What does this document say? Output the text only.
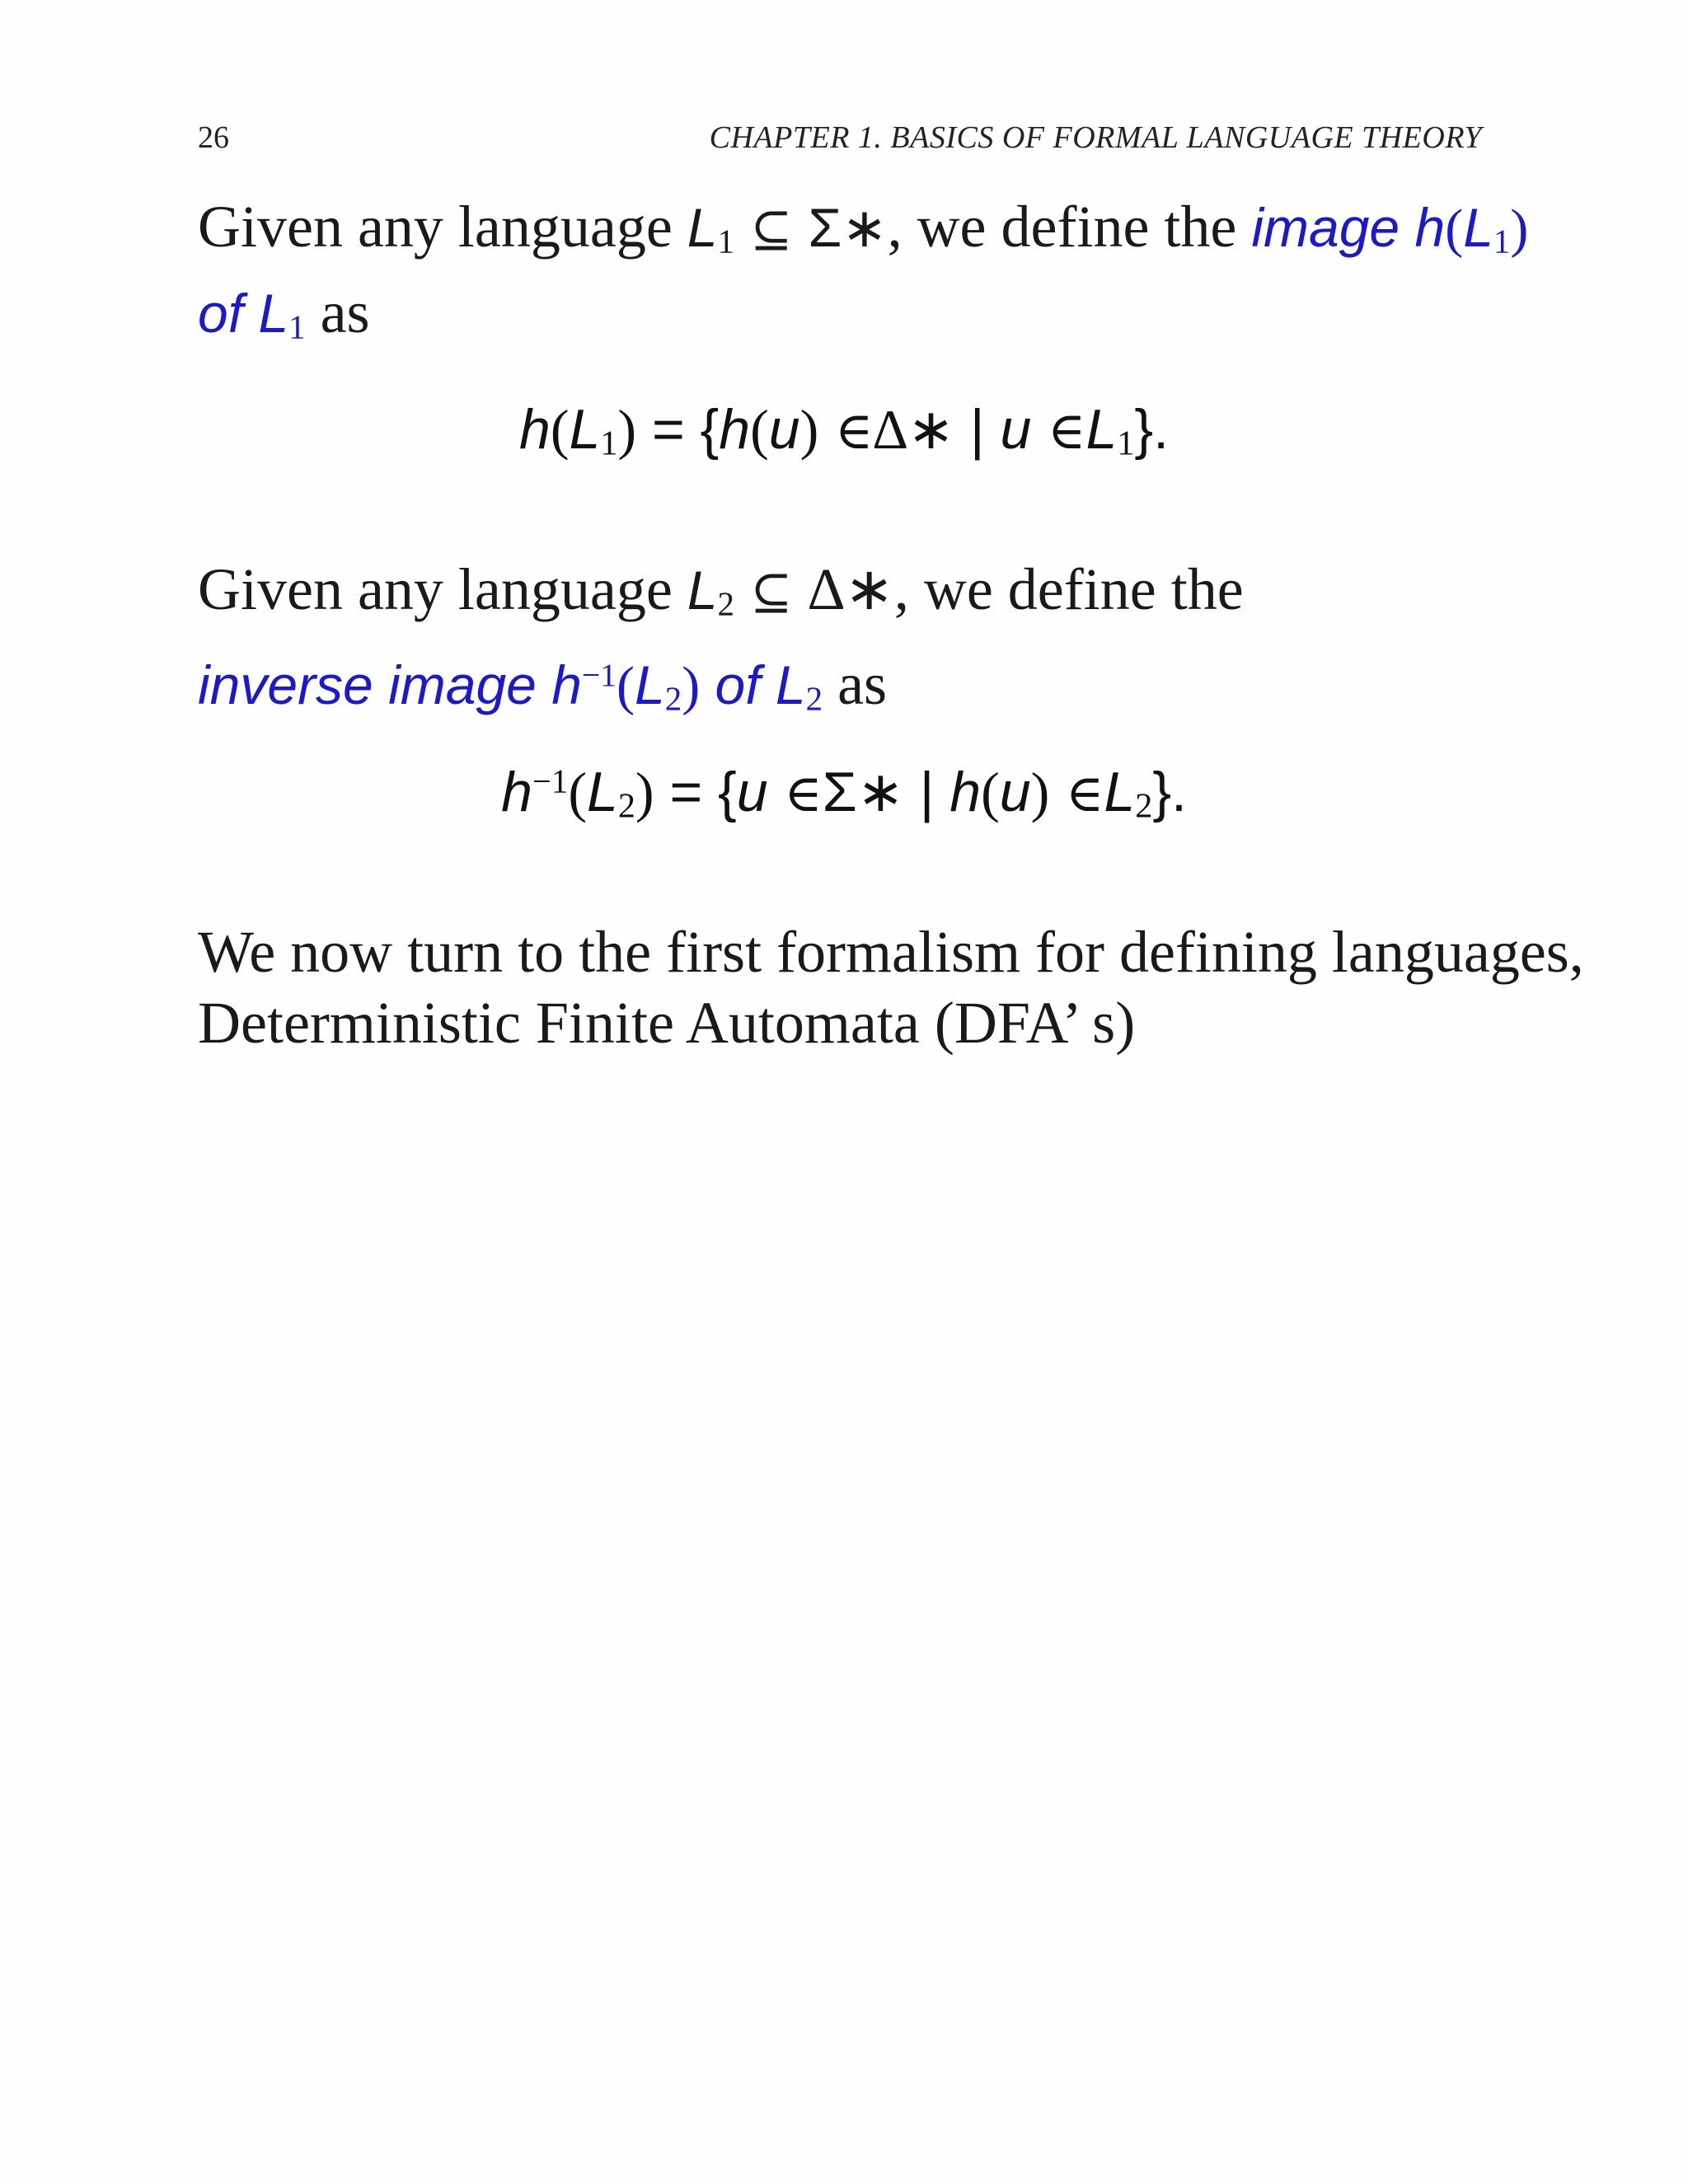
26	CHAPTER 1. BASICS OF FORMAL LANGUAGE THEORY
Given any language L1 ⊆ Σ∗, we define the image h(L1)
of L1 as
h(L1) = {h(u) ∈∆∗ | u ∈L1}.
Given any language L2 ⊆ ∆∗, we define the
inverse image $h^{-1}(L2)$ of L2 as
$h^{-1}(L2) = \{u$ ∈Σ∗ | h(u) ∈L2}.
We now turn to the first formalism for defining languages,
Deterministic Finite Automata (DFA’ s)
